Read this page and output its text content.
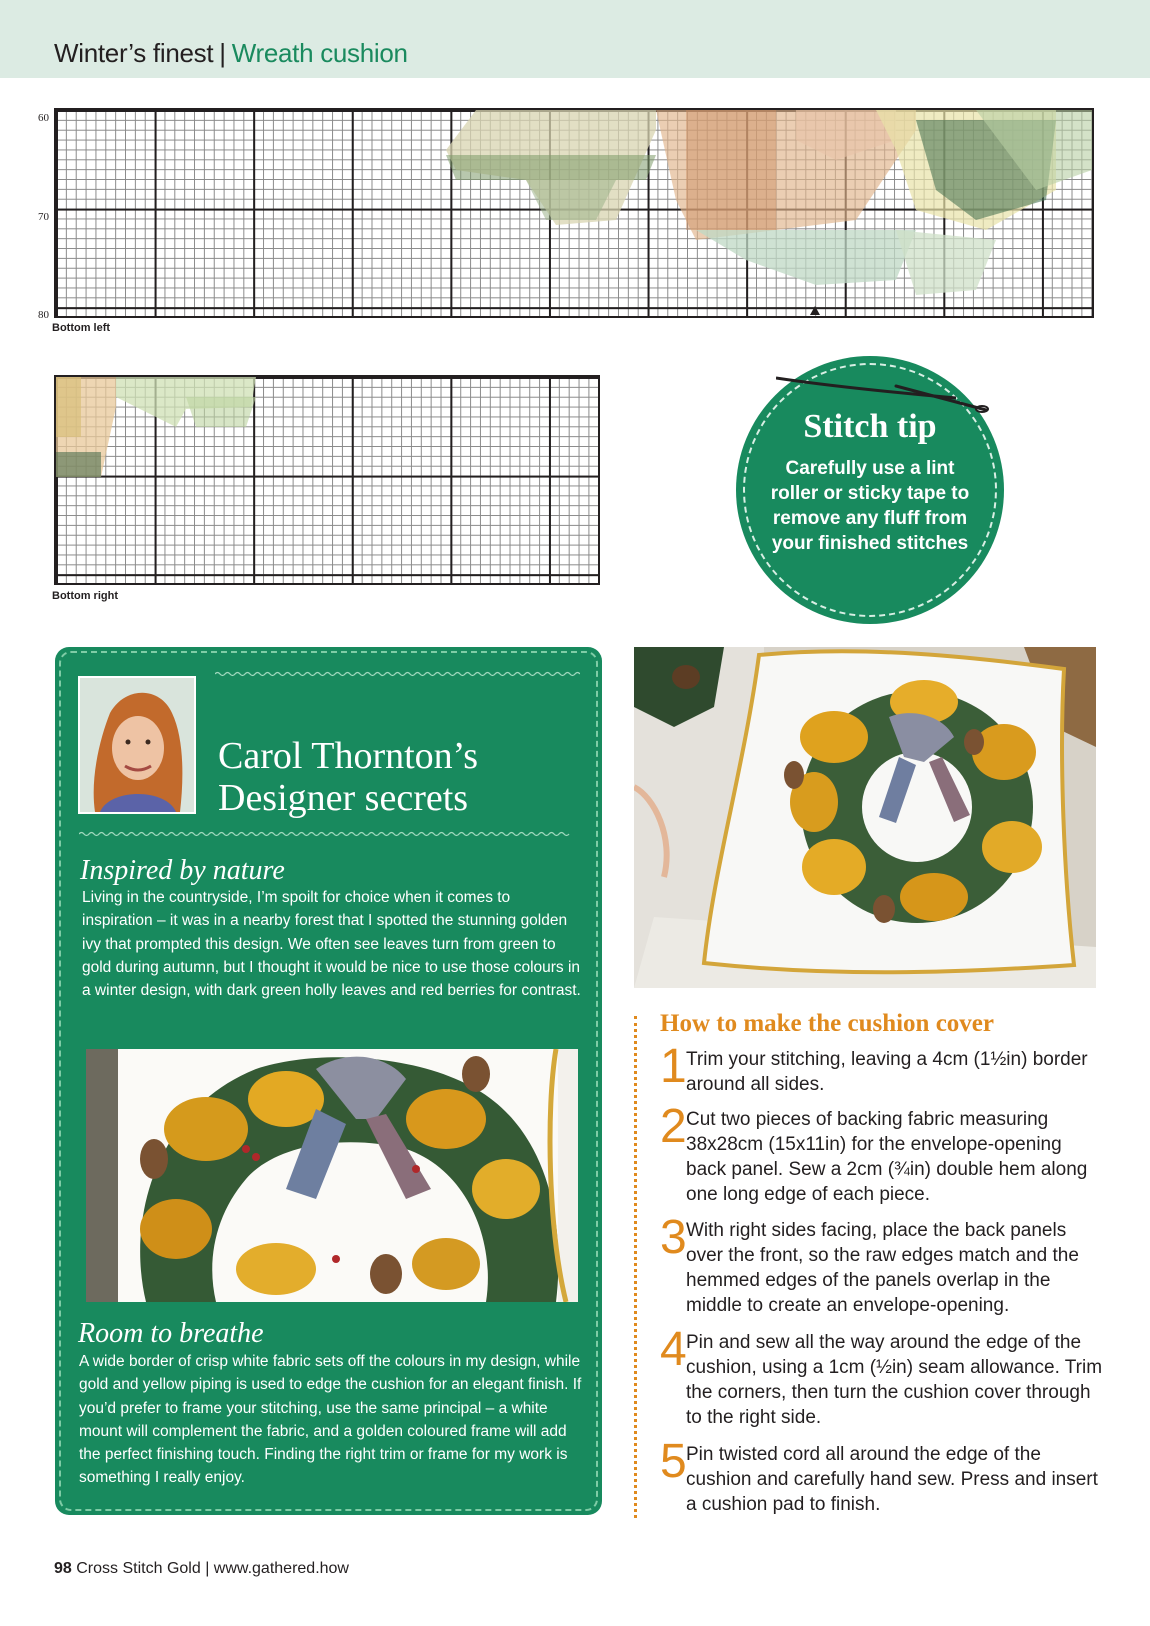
Winter’s finest | Wreath cushion
60
70
80
Bottom left
Bottom right
Stitch tip
Carefully use a lint roller or sticky tape to remove any fluff from your finished stitches
Carol Thornton’s
Designer secrets
Inspired by nature
Living in the countryside, I’m spoilt for choice when it comes to inspiration – it was in a nearby forest that I spotted the stunning golden ivy that prompted this design. We often see leaves turn from green to gold during autumn, but I thought it would be nice to use those colours in a winter design, with dark green holly leaves and red berries for contrast.
Room to breathe
A wide border of crisp white fabric sets off the colours in my design, while gold and yellow piping is used to edge the cushion for an elegant finish. If you’d prefer to frame your stitching, use the same principal – a white mount will complement the fabric, and a golden coloured frame will add the perfect finishing touch. Finding the right trim or frame for my work is something I really enjoy.
How to make the cushion cover
1 Trim your stitching, leaving a 4cm (1½in) border around all sides.
2 Cut two pieces of backing fabric measuring 38x28cm (15x11in) for the envelope-opening back panel. Sew a 2cm (¾in) double hem along one long edge of each piece.
3 With right sides facing, place the back panels over the front, so the raw edges match and the hemmed edges of the panels overlap in the middle to create an envelope-opening.
4 Pin and sew all the way around the edge of the cushion, using a 1cm (½in) seam allowance. Trim the corners, then turn the cushion cover through to the right side.
5 Pin twisted cord all around the edge of the cushion and carefully hand sew. Press and insert a cushion pad to finish.
98 Cross Stitch Gold | www.gathered.how
